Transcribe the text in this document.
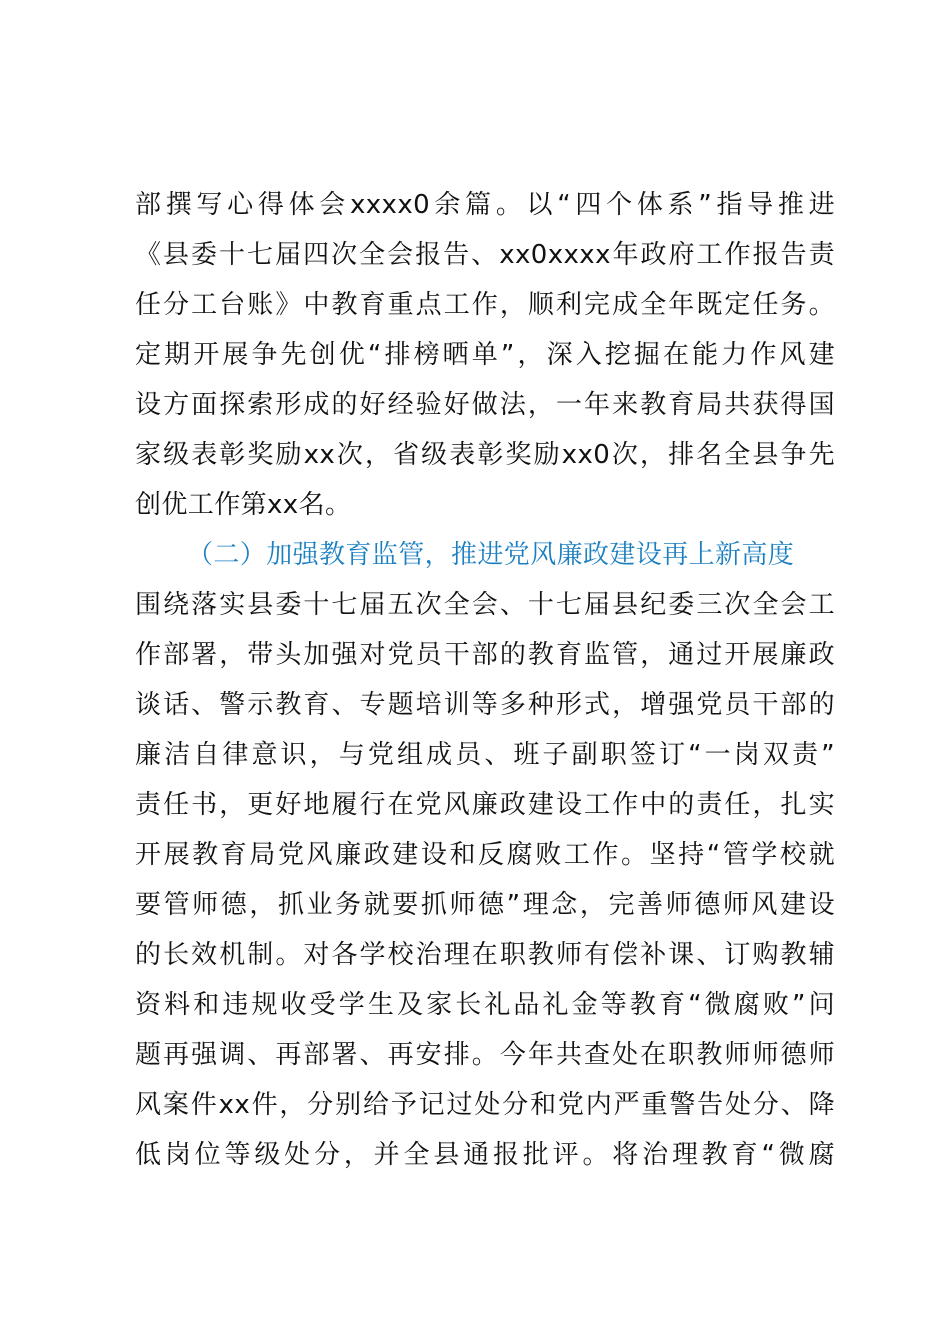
部撰写心得体会xxxx0余篇。以“四个体系”指导推进
《县委十七届四次全会报告、xx0xxxx年政府工作报告责
任分工台账》中教育重点工作，顺利完成全年既定任务。
定期开展争先创优“排榜晒单”，深入挖掘在能力作风建
设方面探索形成的好经验好做法，一年来教育局共获得国
家级表彰奖励xx次，省级表彰奖励xx0次，排名全县争先
创优工作第xx名。
（二）加强教育监管，推进党风廉政建设再上新高度
围绕落实县委十七届五次全会、十七届县纪委三次全会工
作部署，带头加强对党员干部的教育监管，通过开展廉政
谈话、警示教育、专题培训等多种形式，增强党员干部的
廉洁自律意识，与党组成员、班子副职签订“一岗双责”
责任书，更好地履行在党风廉政建设工作中的责任，扎实
开展教育局党风廉政建设和反腐败工作。坚持“管学校就
要管师德，抓业务就要抓师德”理念，完善师德师风建设
的长效机制。对各学校治理在职教师有偿补课、订购教辅
资料和违规收受学生及家长礼品礼金等教育“微腐败”问
题再强调、再部署、再安排。今年共查处在职教师师德师
风案件xx件，分别给予记过处分和党内严重警告处分、降
低岗位等级处分，并全县通报批评。将治理教育“微腐
